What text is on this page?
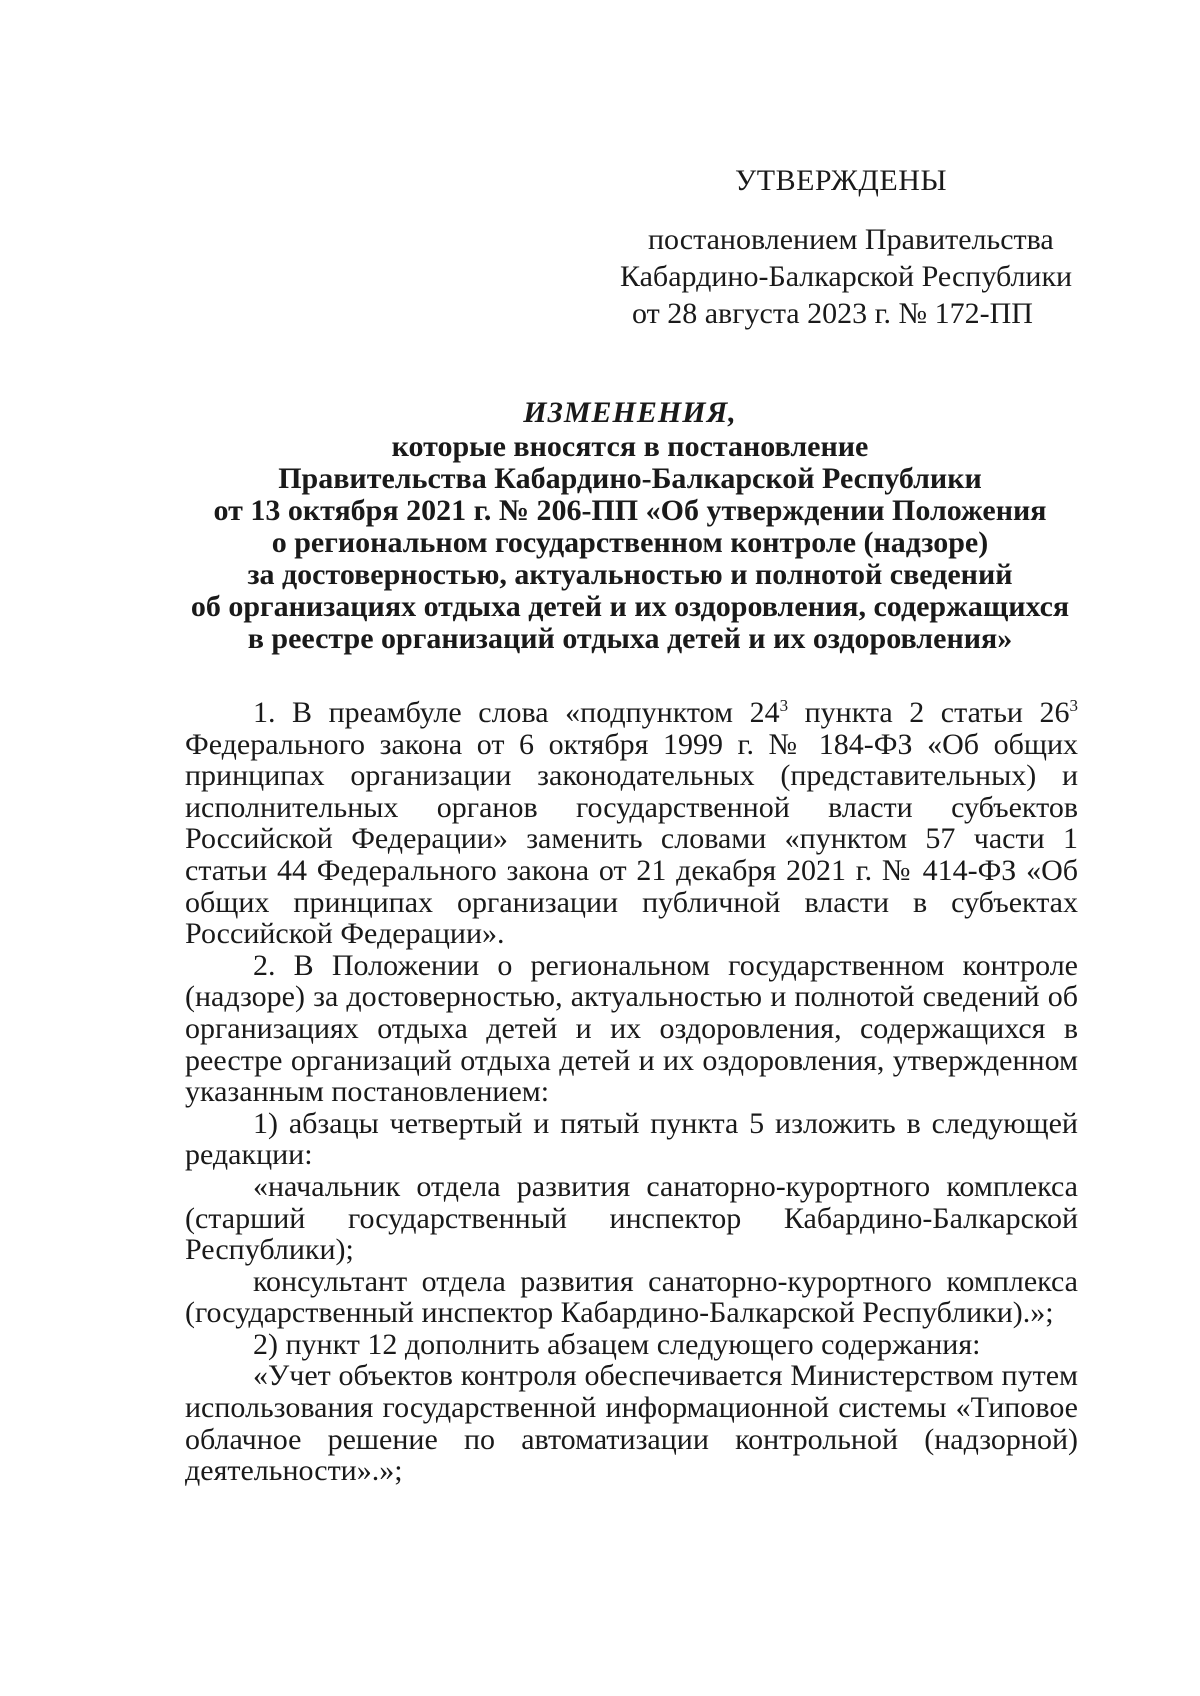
УТВЕРЖДЕНЫ
постановлением Правительства
Кабардино-Балкарской Республики
от 28 августа 2023 г. № 172-ПП
ИЗМЕНЕНИЯ,
которые вносятся в постановление
Правительства Кабардино-Балкарской Республики
от 13 октября 2021 г. № 206-ПП «Об утверждении Положения
о региональном государственном контроле (надзоре)
за достоверностью, актуальностью и полнотой сведений
об организациях отдыха детей и их оздоровления, содержащихся
в реестре организаций отдыха детей и их оздоровления»

1. В преамбуле слова «подпунктом $24^3$ пункта 2 статьи $26^3$ Федерального закона от 6 октября 1999 г. № 184-ФЗ «Об общих принципах организации законодательных (представительных) и исполнительных органов государственной власти субъектов Российской Федерации» заменить словами «пунктом 57 части 1 статьи 44 Федерального закона от 21 декабря 2021 г. № 414-ФЗ «Об общих принципах организации публичной власти в субъектах Российской Федерации».

2. В Положении о региональном государственном контроле (надзоре) за достоверностью, актуальностью и полнотой сведений об организациях отдыха детей и их оздоровления, содержащихся в реестре организаций отдыха детей и их оздоровления, утвержденном указанным постановлением:

1) абзацы четвертый и пятый пункта 5 изложить в следующей редакции:

«начальник отдела развития санаторно-курортного комплекса (старший государственный инспектор Кабардино-Балкарской Республики);

консультант отдела развития санаторно-курортного комплекса (государственный инспектор Кабардино-Балкарской Республики).»;

2) пункт 12 дополнить абзацем следующего содержания:

«Учет объектов контроля обеспечивается Министерством путем использования государственной информационной системы «Типовое облачное решение по автоматизации контрольной (надзорной) деятельности».»;
